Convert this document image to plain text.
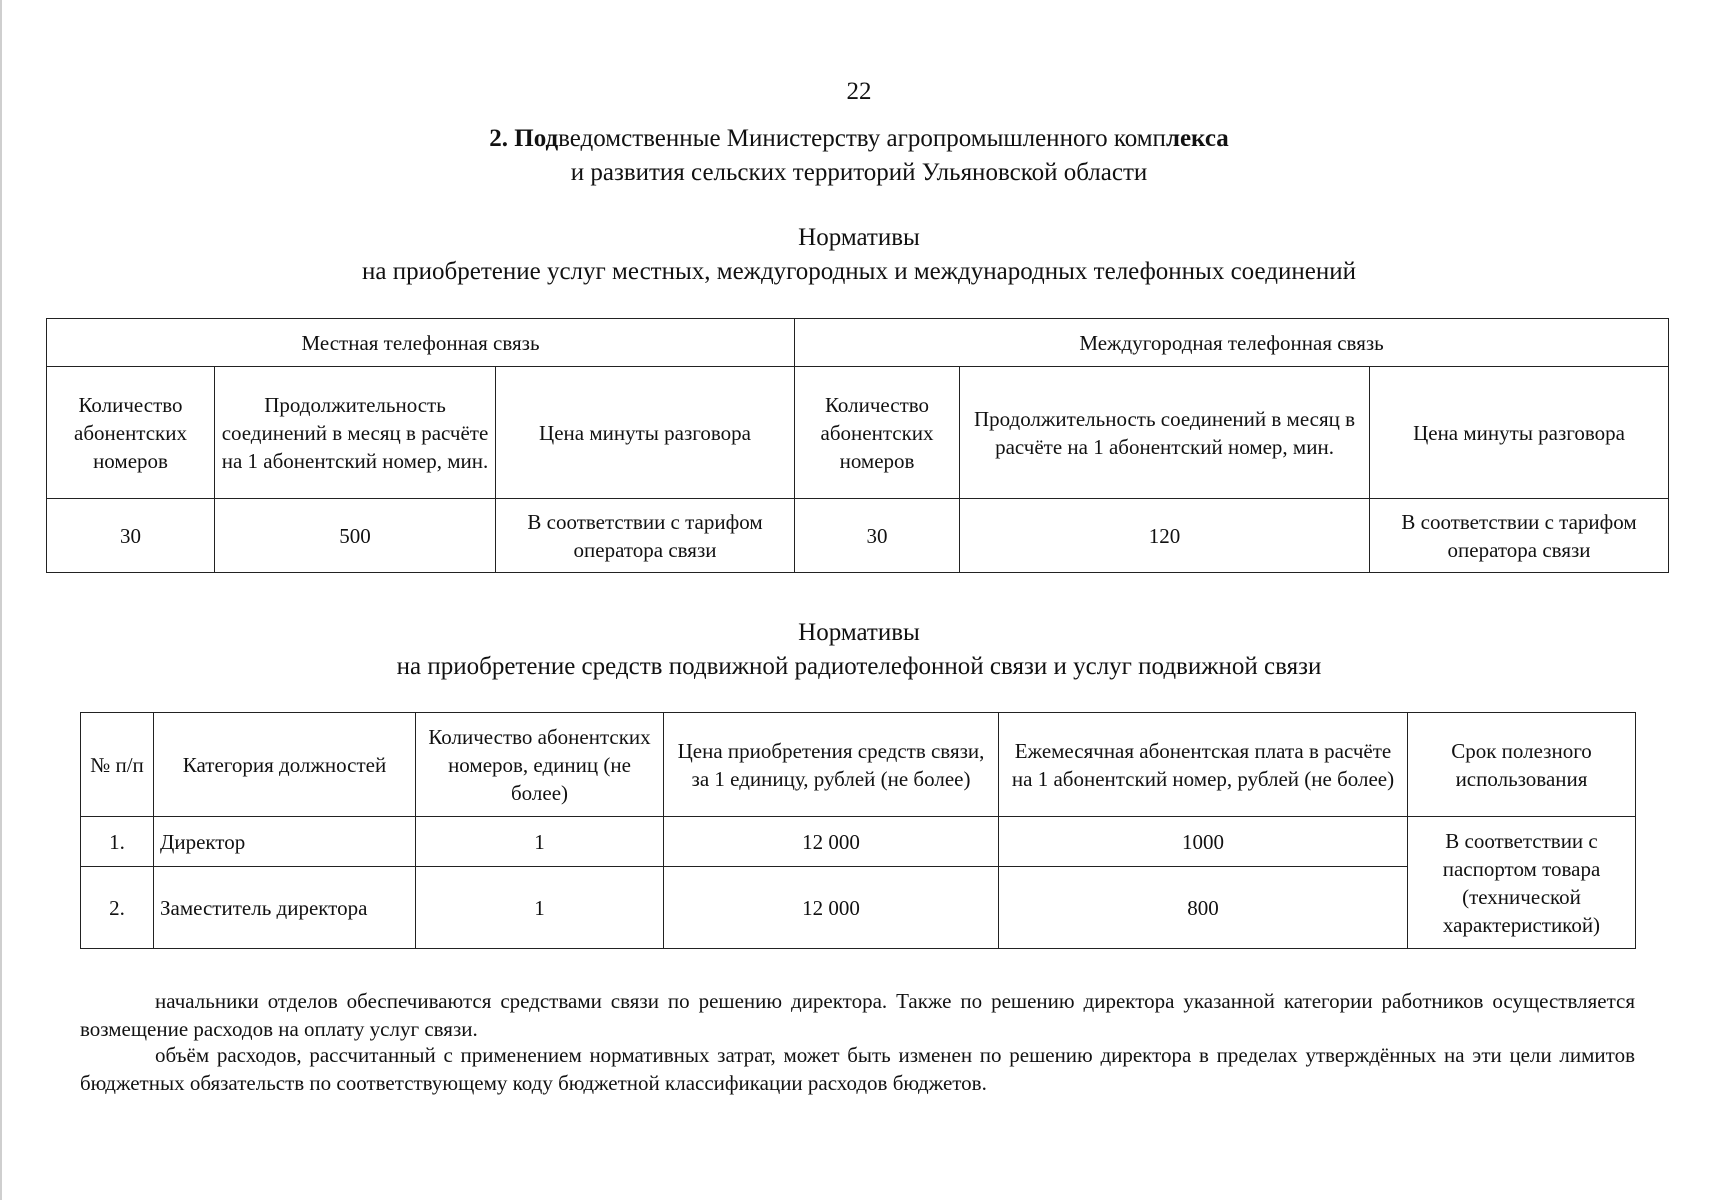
22
2. Подведомственные Министерству агропромышленного комплекса
и развития сельских территорий Ульяновской области
Нормативы
на приобретение услуг местных, междугородных и международных телефонных соединений
Местная телефонная связь			Междугородная телефонная связь		
Количество абонентских номеров	Продолжительность соединений в месяц в расчёте на 1 абонентский номер, мин.	Цена минуты разговора	Количество абонентских номеров	Продолжительность соединений в месяц в расчёте на 1 абонентский номер, мин.	Цена минуты разговора
30	500	В соответствии с тарифом оператора связи	30	120	В соответствии с тарифом оператора связи
Нормативы
на приобретение средств подвижной радиотелефонной связи и услуг подвижной связи
№ п/п	Категория должностей	Количество абонентских номеров, единиц (не более)	Цена приобретения средств связи, за 1 единицу, рублей (не более)	Ежемесячная абонентская плата в расчёте на 1 абонентский номер, рублей (не более)	Срок полезного использования
1.	Директор	1	12 000	1000	В соответствии с паспортом товара (технической характеристикой)
2.	Заместитель директора	1	12 000	800	
начальники отделов обеспечиваются средствами связи по решению директора. Также по решению директора указанной категории работников осуществляется возмещение расходов на оплату услуг связи.
объём расходов, рассчитанный с применением нормативных затрат, может быть изменен по решению директора в пределах утверждённых на эти цели лимитов бюджетных обязательств по соответствующему коду бюджетной классификации расходов бюджетов.
